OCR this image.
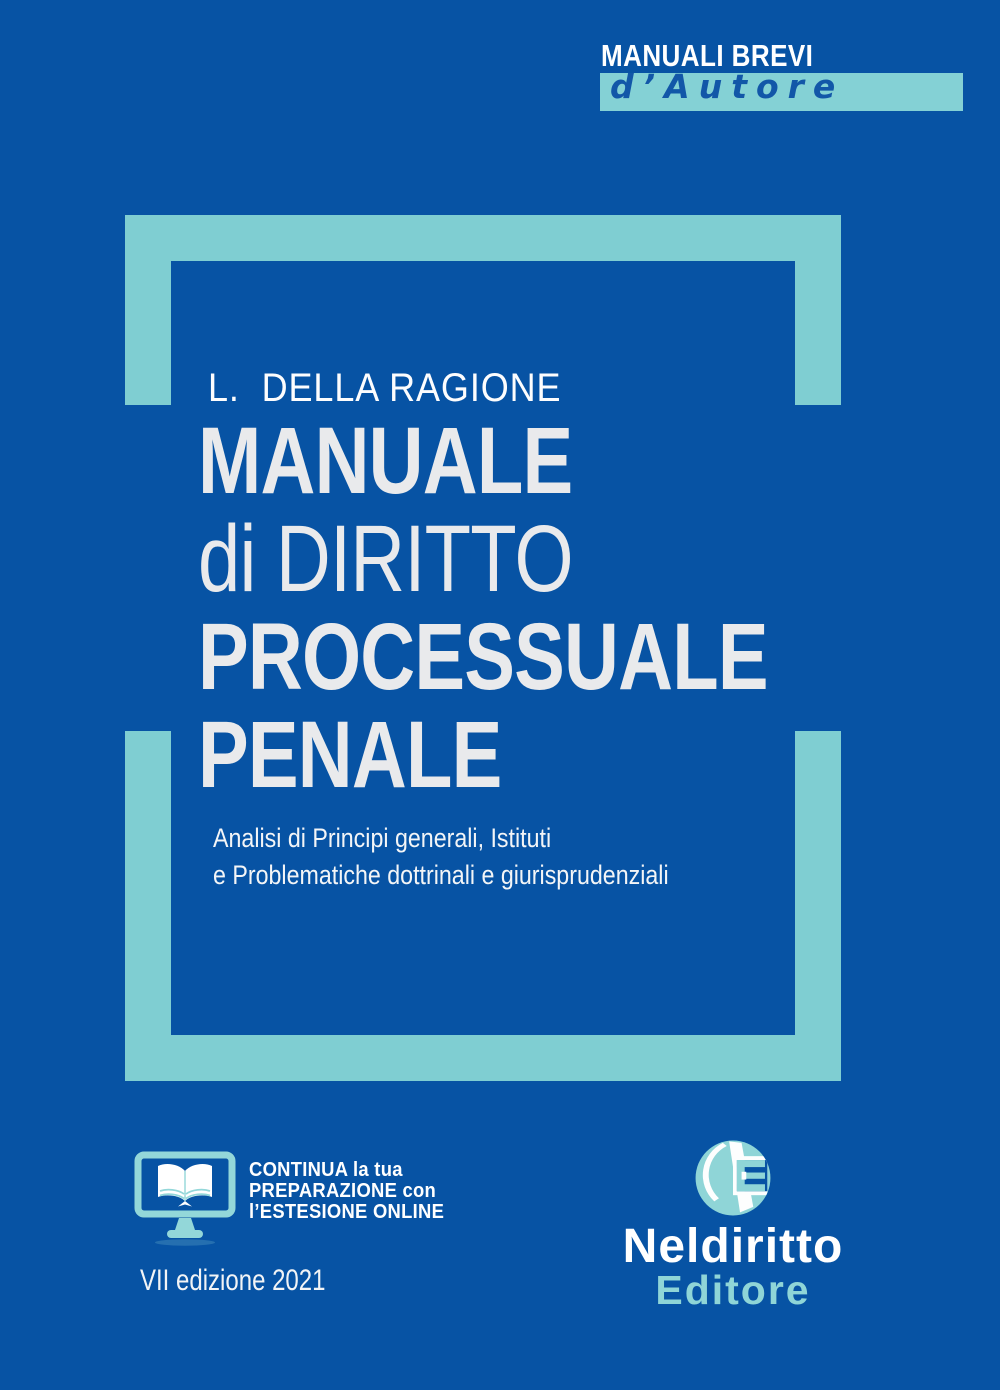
MANUALI BREVI
d’Autore
L.  DELLA RAGIONE
MANUALE
di DIRITTO
PROCESSUALE
PENALE
Analisi di Principi generali, Istituti
e Problematiche dottrinali e giurisprudenziali
CONTINUA la tua
PREPARAZIONE con
l’ESTESIONE ONLINE
VII edizione 2021
Neldiritto
Editore
